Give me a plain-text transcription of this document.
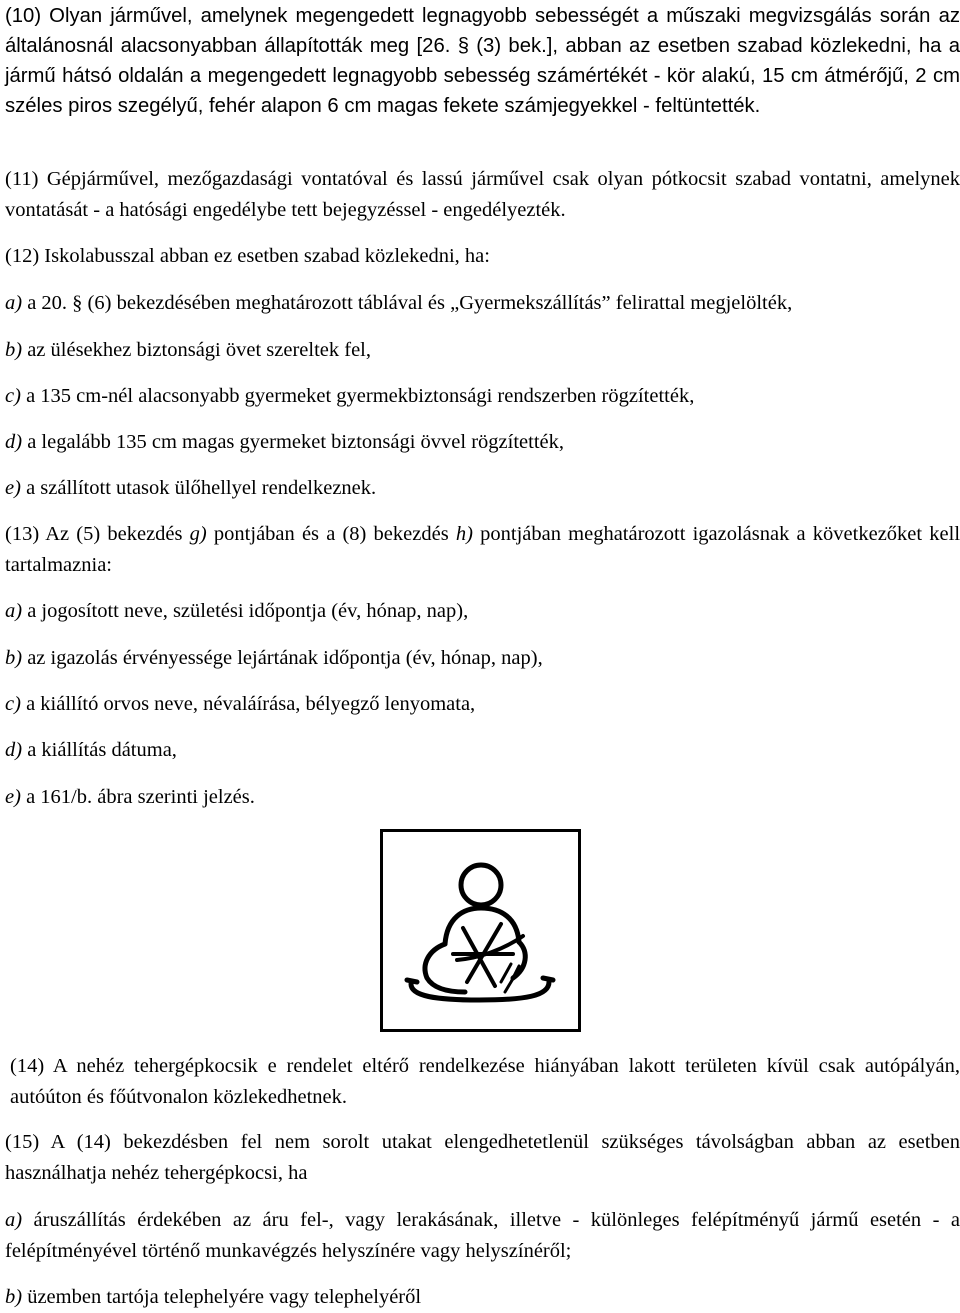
(10) Olyan járművel, amelynek megengedett legnagyobb sebességét a műszaki megvizsgálás során az általánosnál alacsonyabban állapították meg [26. § (3) bek.], abban az esetben szabad közlekedni, ha a jármű hátsó oldalán a megengedett legnagyobb sebesség számértékét - kör alakú, 15 cm átmérőjű, 2 cm széles piros szegélyű, fehér alapon 6 cm magas fekete számjegyekkel - feltüntették.

(11) Gépjárművel, mezőgazdasági vontatóval és lassú járművel csak olyan pótkocsit szabad vontatni, amelynek vontatását - a hatósági engedélybe tett bejegyzéssel - engedélyezték.

(12) Iskolabusszal abban ez esetben szabad közlekedni, ha:

a) a 20. § (6) bekezdésében meghatározott táblával és „Gyermekszállítás” felirattal megjelölték,

b) az ülésekhez biztonsági övet szereltek fel,

c) a 135 cm-nél alacsonyabb gyermeket gyermekbiztonsági rendszerben rögzítették,

d) a legalább 135 cm magas gyermeket biztonsági övvel rögzítették,

e) a szállított utasok ülőhellyel rendelkeznek.

(13) Az (5) bekezdés g) pontjában és a (8) bekezdés h) pontjában meghatározott igazolásnak a következőket kell tartalmaznia:

a) a jogosított neve, születési időpontja (év, hónap, nap),

b) az igazolás érvényessége lejártának időpontja (év, hónap, nap),

c) a kiállító orvos neve, névaláírása, bélyegző lenyomata,

d) a kiállítás dátuma,

e) a 161/b. ábra szerinti jelzés.

(14) A nehéz tehergépkocsik e rendelet eltérő rendelkezése hiányában lakott területen kívül csak autópályán, autóúton és főútvonalon közlekedhetnek.

(15) A (14) bekezdésben fel nem sorolt utakat elengedhetetlenül szükséges távolságban abban az esetben használhatja nehéz tehergépkocsi, ha

a) áruszállítás érdekében az áru fel-, vagy lerakásának, illetve - különleges felépítményű jármű esetén - a felépítményével történő munkavégzés helyszínére vagy helyszínéről;

b) üzemben tartója telephelyére vagy telephelyéről
